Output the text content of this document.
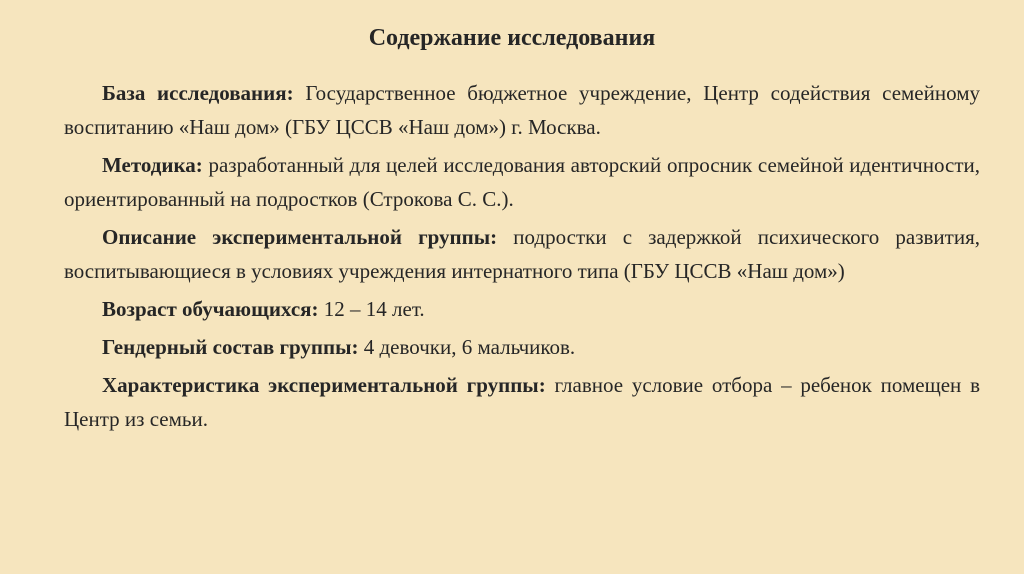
Содержание исследования

База исследования: Государственное бюджетное учреждение, Центр содействия семейному воспитанию «Наш дом» (ГБУ ЦССВ «Наш дом») г. Москва.

Методика: разработанный для целей исследования авторский опросник семейной идентичности, ориентированный на подростков (Строкова С. С.).

Описание экспериментальной группы: подростки с задержкой психического развития, воспитывающиеся в условиях учреждения интернатного типа (ГБУ ЦССВ «Наш дом»)

Возраст обучающихся: 12 – 14 лет.

Гендерный состав группы: 4 девочки, 6 мальчиков.

Характеристика экспериментальной группы: главное условие отбора – ребенок помещен в Центр из семьи.
